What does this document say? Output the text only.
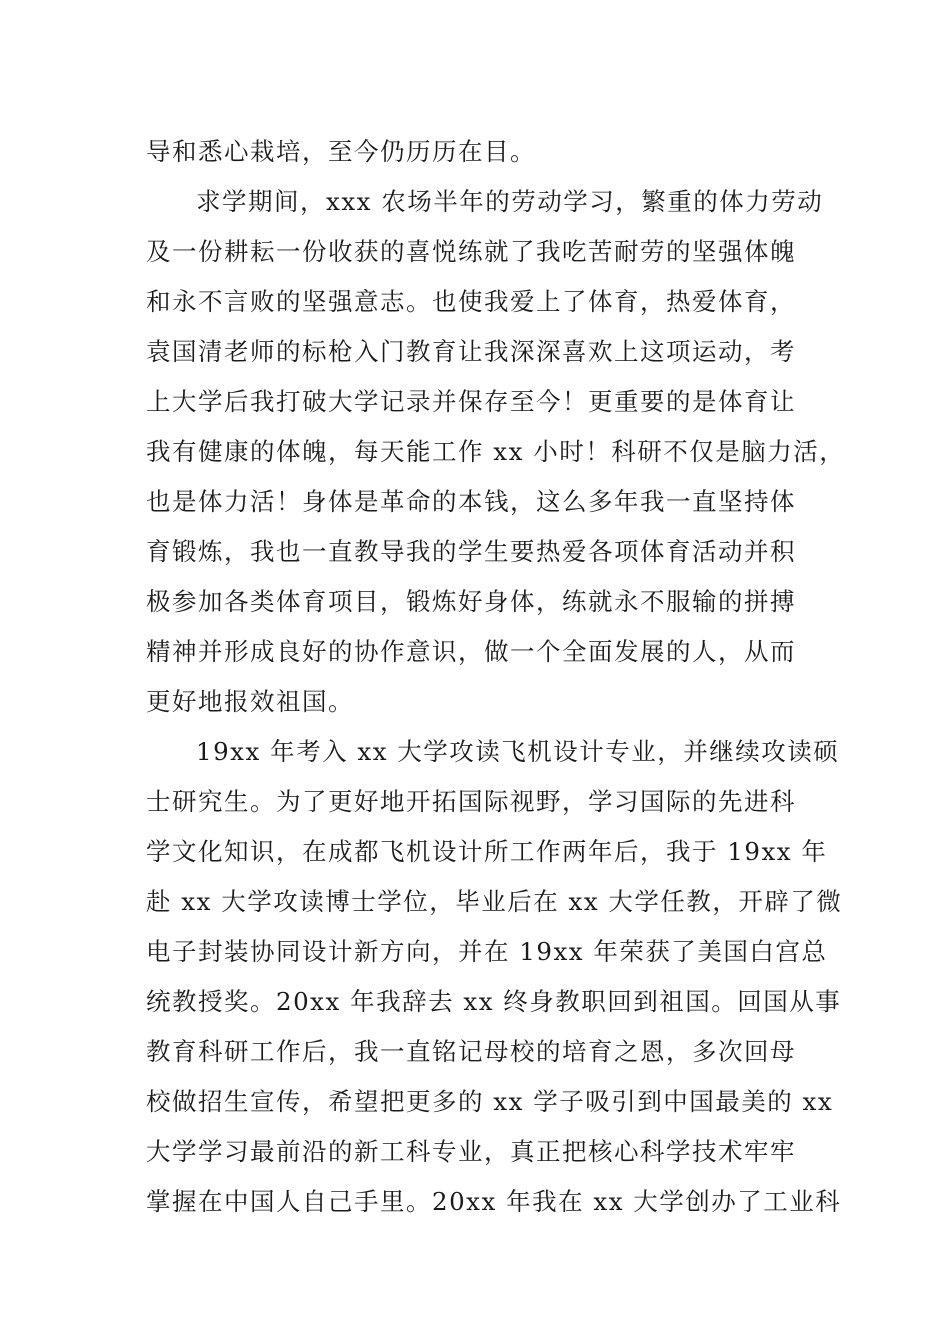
导和悉心栽培，至今仍历历在目。
求学期间，xxx 农场半年的劳动学习，繁重的体力劳动
及一份耕耘一份收获的喜悦练就了我吃苦耐劳的坚强体魄
和永不言败的坚强意志。也使我爱上了体育，热爱体育，
袁国清老师的标枪入门教育让我深深喜欢上这项运动，考
上大学后我打破大学记录并保存至今！更重要的是体育让
我有健康的体魄，每天能工作 xx 小时！科研不仅是脑力活，
也是体力活！身体是革命的本钱，这么多年我一直坚持体
育锻炼，我也一直教导我的学生要热爱各项体育活动并积
极参加各类体育项目，锻炼好身体，练就永不服输的拼搏
精神并形成良好的协作意识，做一个全面发展的人，从而
更好地报效祖国。
19xx 年考入 xx 大学攻读飞机设计专业，并继续攻读硕
士研究生。为了更好地开拓国际视野，学习国际的先进科
学文化知识，在成都飞机设计所工作两年后，我于 19xx 年
赴 xx 大学攻读博士学位，毕业后在 xx 大学任教，开辟了微
电子封装协同设计新方向，并在 19xx 年荣获了美国白宫总
统教授奖。20xx 年我辞去 xx 终身教职回到祖国。回国从事
教育科研工作后，我一直铭记母校的培育之恩，多次回母
校做招生宣传，希望把更多的 xx 学子吸引到中国最美的 xx
大学学习最前沿的新工科专业，真正把核心科学技术牢牢
掌握在中国人自己手里。20xx 年我在 xx 大学创办了工业科
